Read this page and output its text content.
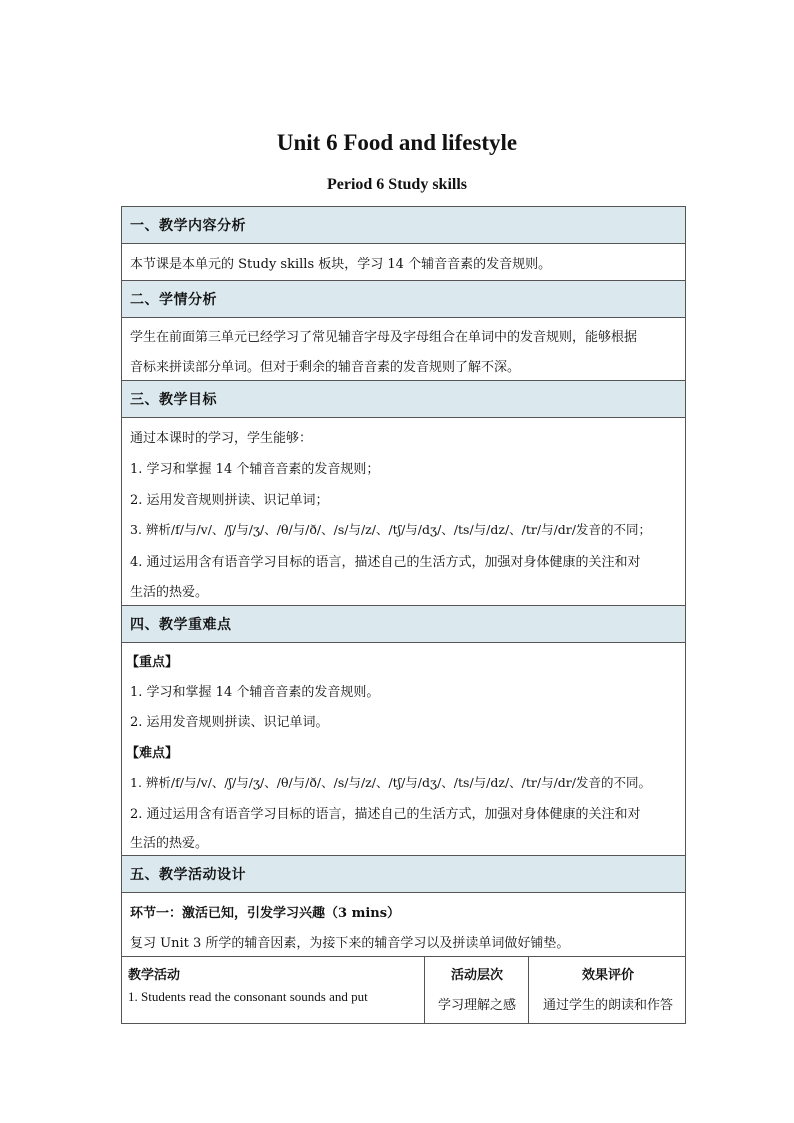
Unit 6 Food and lifestyle
Period 6 Study skills
一、教学内容分析
本节课是本单元的 Study skills 板块，学习 14 个辅音音素的发音规则。
二、学情分析
学生在前面第三单元已经学习了常见辅音字母及字母组合在单词中的发音规则，能够根据
音标来拼读部分单词。但对于剩余的辅音音素的发音规则了解不深。
三、教学目标
通过本课时的学习，学生能够：
1. 学习和掌握 14 个辅音音素的发音规则；
2. 运用发音规则拼读、识记单词；
3. 辨析/f/与/v/、/ʃ/与/ʒ/、/θ/与/ð/、/s/与/z/、/tʃ/与/dʒ/、/ts/与/dz/、/tr/与/dr/发音的不同；
4. 通过运用含有语音学习目标的语言，描述自己的生活方式，加强对身体健康的关注和对
生活的热爱。
四、教学重难点
【重点】
1. 学习和掌握 14 个辅音音素的发音规则。
2. 运用发音规则拼读、识记单词。
【难点】
1. 辨析/f/与/v/、/ʃ/与/ʒ/、/θ/与/ð/、/s/与/z/、/tʃ/与/dʒ/、/ts/与/dz/、/tr/与/dr/发音的不同。
2. 通过运用含有语音学习目标的语言，描述自己的生活方式，加强对身体健康的关注和对
生活的热爱。
五、教学活动设计
环节一：激活已知，引发学习兴趣（3 mins）
复习 Unit 3 所学的辅音因素，为接下来的辅音学习以及拼读单词做好铺垫。
教学活动
1. Students read the consonant sounds and put
活动层次
学习理解之感
效果评价
通过学生的朗读和作答
